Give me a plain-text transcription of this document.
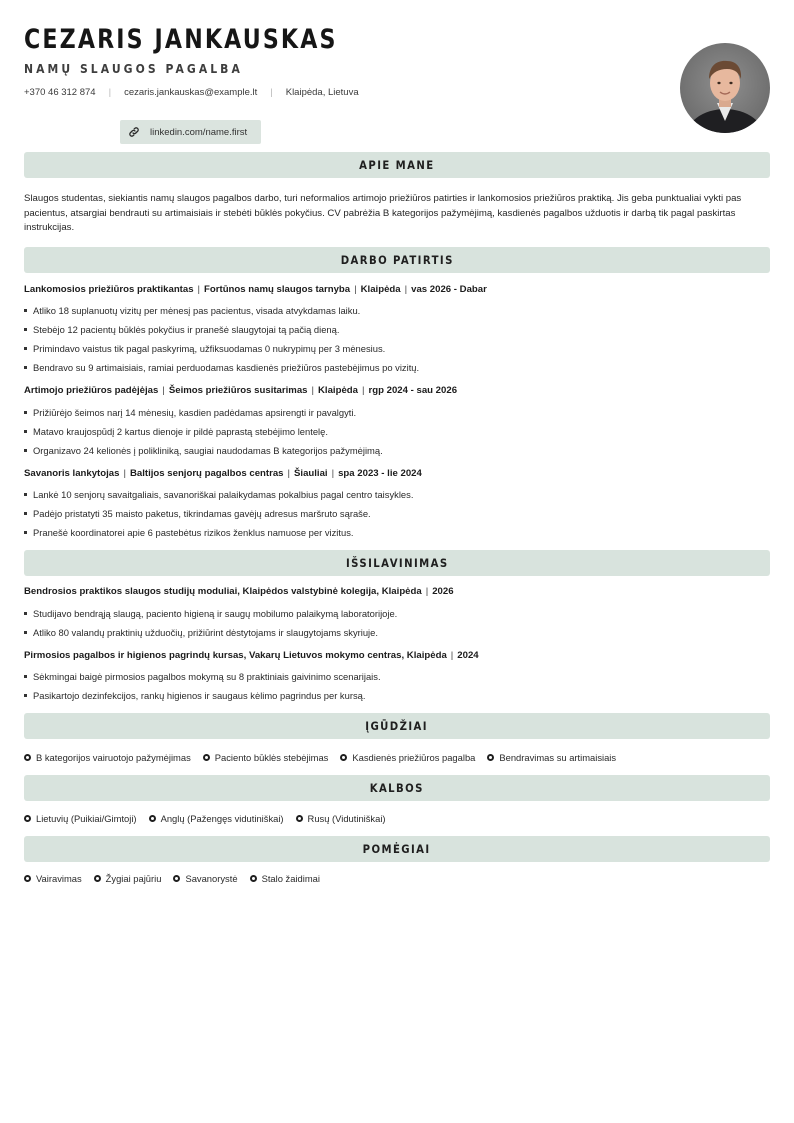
CEZARIS JANKAUSKAS
NAMŲ SLAUGOS PAGALBA
+370 46 312 874 | cezaris.jankauskas@example.lt | Klaipėda, Lietuva
linkedin.com/name.first
APIE MANE

Slaugos studentas, siekiantis namų slaugos pagalbos darbo, turi neformalios artimojo priežiūros patirties ir lankomosios priežiūros praktiką. Jis geba punktualiai vykti pas pacientus, atsargiai bendrauti su artimaisiais ir stebėti būklės pokyčius. CV pabrėžia B kategorijos pažymėjimą, kasdienės pagalbos užduotis ir darbą tik pagal paskirtas instrukcijas.

DARBO PATIRTIS
Lankomosios priežiūros praktikantas | Fortūnos namų slaugos tarnyba | Klaipėda | vas 2026 - Dabar
Atliko 18 suplanuotų vizitų per mėnesį pas pacientus, visada atvykdamas laiku.
Stebėjo 12 pacientų būklės pokyčius ir pranešė slaugytojai tą pačią dieną.
Primindavo vaistus tik pagal paskyrimą, užfiksuodamas 0 nukrypimų per 3 mėnesius.
Bendravo su 9 artimaisiais, ramiai perduodamas kasdienės priežiūros pastebėjimus po vizitų.
Artimojo priežiūros padėjėjas | Šeimos priežiūros susitarimas | Klaipėda | rgp 2024 - sau 2026
Prižiūrėjo šeimos narį 14 mėnesių, kasdien padėdamas apsirengti ir pavalgyti.
Matavo kraujospūdį 2 kartus dienoje ir pildė paprastą stebėjimo lentelę.
Organizavo 24 kelionės į polikliniką, saugiai naudodamas B kategorijos pažymėjimą.
Savanoris lankytojas | Baltijos senjorų pagalbos centras | Šiauliai | spa 2023 - lie 2024
Lankė 10 senjorų savaitgaliais, savanoriškai palaikydamas pokalbius pagal centro taisykles.
Padėjo pristatyti 35 maisto paketus, tikrindamas gavėjų adresus maršruto sąraše.
Pranešė koordinatorei apie 6 pastebėtus rizikos ženklus namuose per vizitus.
IŠSILAVINIMAS
Bendrosios praktikos slaugos studijų moduliai, Klaipėdos valstybinė kolegija, Klaipėda | 2026
Studijavo bendrąją slaugą, paciento higieną ir saugų mobilumo palaikymą laboratorijoje.
Atliko 80 valandų praktinių užduočių, prižiūrint dėstytojams ir slaugytojams skyriuje.
Pirmosios pagalbos ir higienos pagrindų kursas, Vakarų Lietuvos mokymo centras, Klaipėda | 2024
Sėkmingai baigė pirmosios pagalbos mokymą su 8 praktiniais gaivinimo scenarijais.
Pasikartojo dezinfekcijos, rankų higienos ir saugaus kėlimo pagrindus per kursą.
ĮGŪDŽIAI
B kategorijos vairuotojo pažymėjimas	Paciento būklės stebėjimas	Kasdienės priežiūros pagalba	Bendravimas su artimaisiais
KALBOS
Lietuvių (Puikiai/Gimtoji)	Anglų (Pažengęs vidutiniškai)	Rusų (Vidutiniškai)
POMĖGIAI
Vairavimas	Žygiai pajūriu	Savanorystė	Stalo žaidimai
